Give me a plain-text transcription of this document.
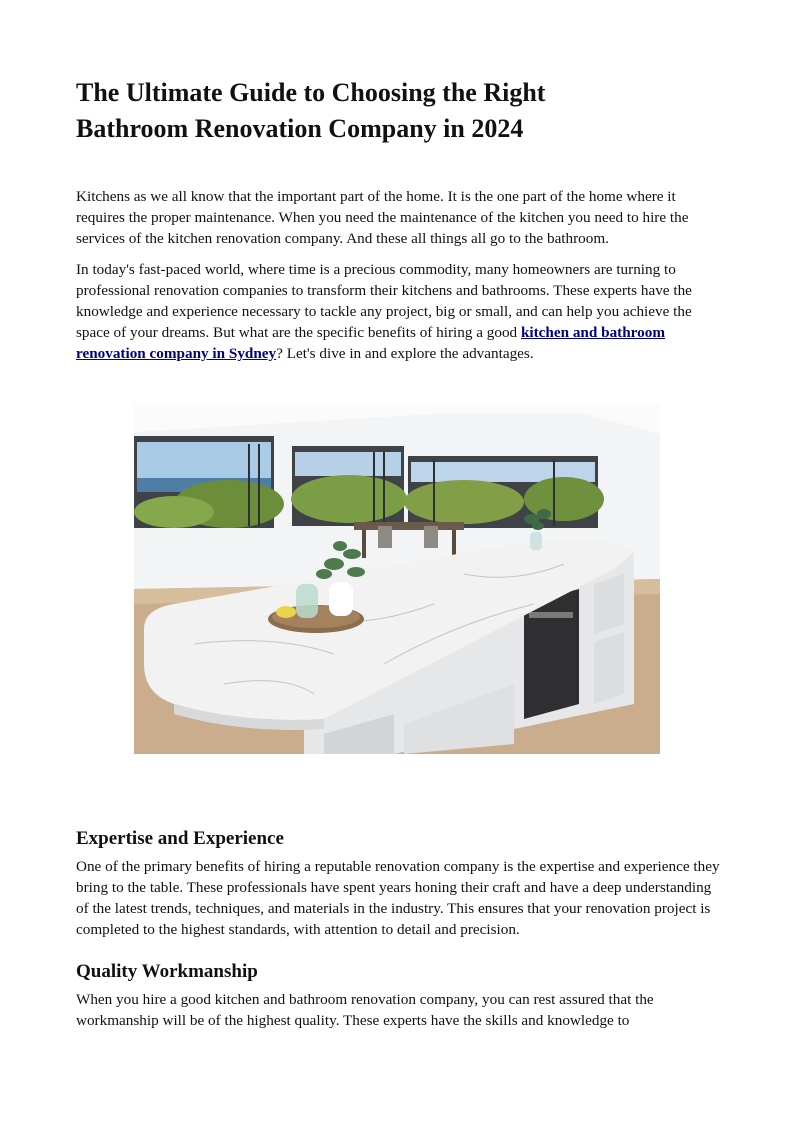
The Ultimate Guide to Choosing the Right Bathroom Renovation Company in 2024

Kitchens as we all know that the important part of the home. It is the one part of the home where it requires the proper maintenance. When you need the maintenance of the kitchen you need to hire the services of the kitchen renovation company. And these all things all go to the bathroom.

In today's fast-paced world, where time is a precious commodity, many homeowners are turning to professional renovation companies to transform their kitchens and bathrooms. These experts have the knowledge and experience necessary to tackle any project, big or small, and can help you achieve the space of your dreams. But what are the specific benefits of hiring a good kitchen and bathroom renovation company in Sydney? Let's dive in and explore the advantages.

Expertise and Experience

One of the primary benefits of hiring a reputable renovation company is the expertise and experience they bring to the table. These professionals have spent years honing their craft and have a deep understanding of the latest trends, techniques, and materials in the industry. This ensures that your renovation project is completed to the highest standards, with attention to detail and precision.

Quality Workmanship

When you hire a good kitchen and bathroom renovation company, you can rest assured that the workmanship will be of the highest quality. These experts have the skills and knowledge to
